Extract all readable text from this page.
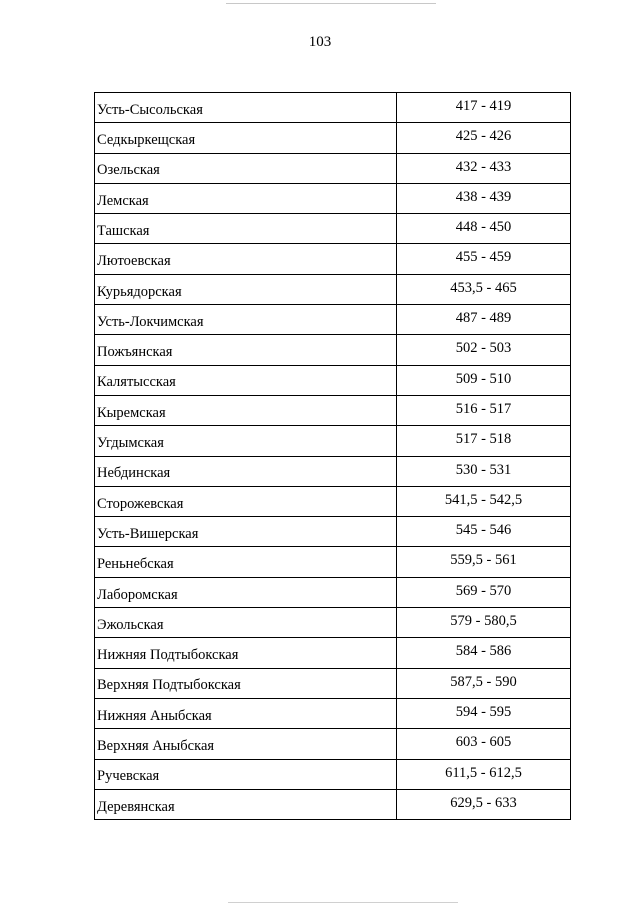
103
Усть-Сысольская	417 - 419

Седкыркещская	425 - 426

Озельская	432 - 433

Лемская	438 - 439

Ташская	448 - 450

Лютоевская	455 - 459

Курьядорская	453,5 - 465

Усть-Локчимская	487 - 489

Пожъянская	502 - 503

Калятысская	509 - 510

Кыремская	516 - 517

Угдымская	517 - 518

Небдинская	530 - 531

Сторожевская	541,5 - 542,5

Усть-Вишерская	545 - 546

Реньнебская	559,5 - 561

Лаборомская	569 - 570

Эжольская	579 - 580,5

Нижняя Подтыбокская	584 - 586

Верхняя Подтыбокская	587,5 - 590

Нижняя Аныбская	594 - 595

Верхняя Аныбская	603 - 605

Ручевская	611,5 - 612,5

Деревянская	629,5 - 633
